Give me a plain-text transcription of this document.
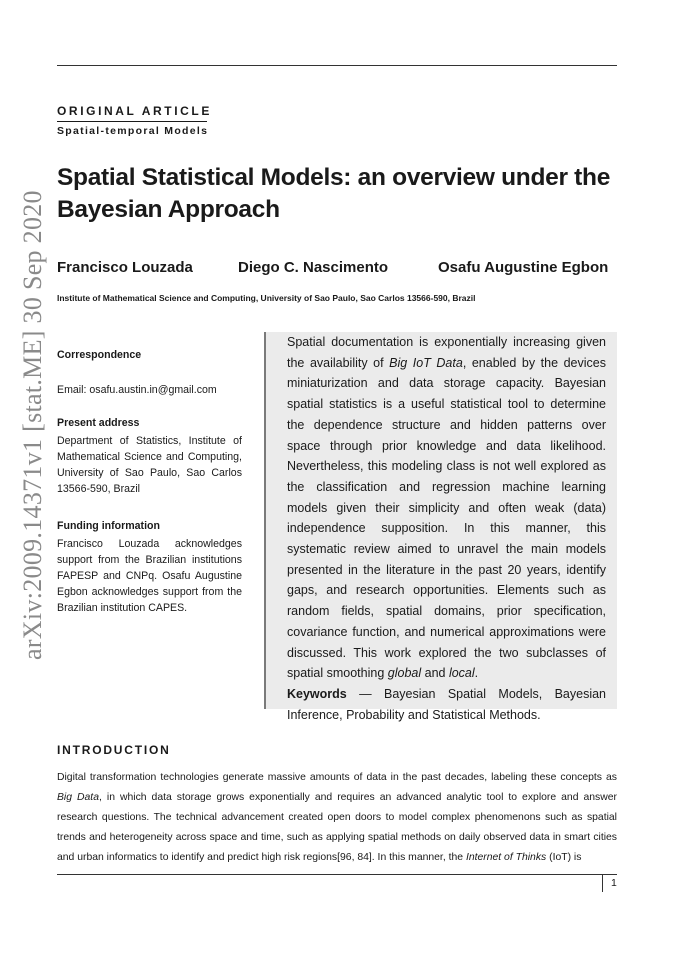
arXiv:2009.14371v1 [stat.ME] 30 Sep 2020
ORIGINAL ARTICLE
Spatial-temporal Models
Spatial Statistical Models: an overview under the Bayesian Approach
Francisco Louzada	Diego C. Nascimento	Osafu Augustine Egbon
Institute of Mathematical Science and Computing, University of Sao Paulo, Sao Carlos 13566-590, Brazil
Correspondence
Email: osafu.austin.in@gmail.com
Present address
Department of Statistics, Institute of Mathematical Science and Computing, University of Sao Paulo, Sao Carlos 13566-590, Brazil
Funding information
Francisco Louzada acknowledges support from the Brazilian institutions FAPESP and CNPq. Osafu Augustine Egbon acknowledges support from the Brazilian institution CAPES.

Spatial documentation is exponentially increasing given the availability of Big IoT Data, enabled by the devices miniaturization and data storage capacity. Bayesian spatial statistics is a useful statistical tool to determine the dependence structure and hidden patterns over space through prior knowledge and data likelihood. Nevertheless, this modeling class is not well explored as the classification and regression machine learning models given their simplicity and often weak (data) independence supposition. In this manner, this systematic review aimed to unravel the main models presented in the literature in the past 20 years, identify gaps, and research opportunities. Elements such as random fields, spatial domains, prior specification, covariance function, and numerical approximations were discussed. This work explored the two subclasses of spatial smoothing global and local.

Keywords — Bayesian Spatial Models, Bayesian Inference, Probability and Statistical Methods.

INTRODUCTION

Digital transformation technologies generate massive amounts of data in the past decades, labeling these concepts as Big Data, in which data storage grows exponentially and requires an advanced analytic tool to explore and answer research questions. The technical advancement created open doors to model complex phenomenons such as spatial trends and heterogeneity across space and time, such as applying spatial methods on daily observed data in smart cities and urban informatics to identify and predict high risk regions[96, 84]. In this manner, the Internet of Thinks (IoT) is

1
